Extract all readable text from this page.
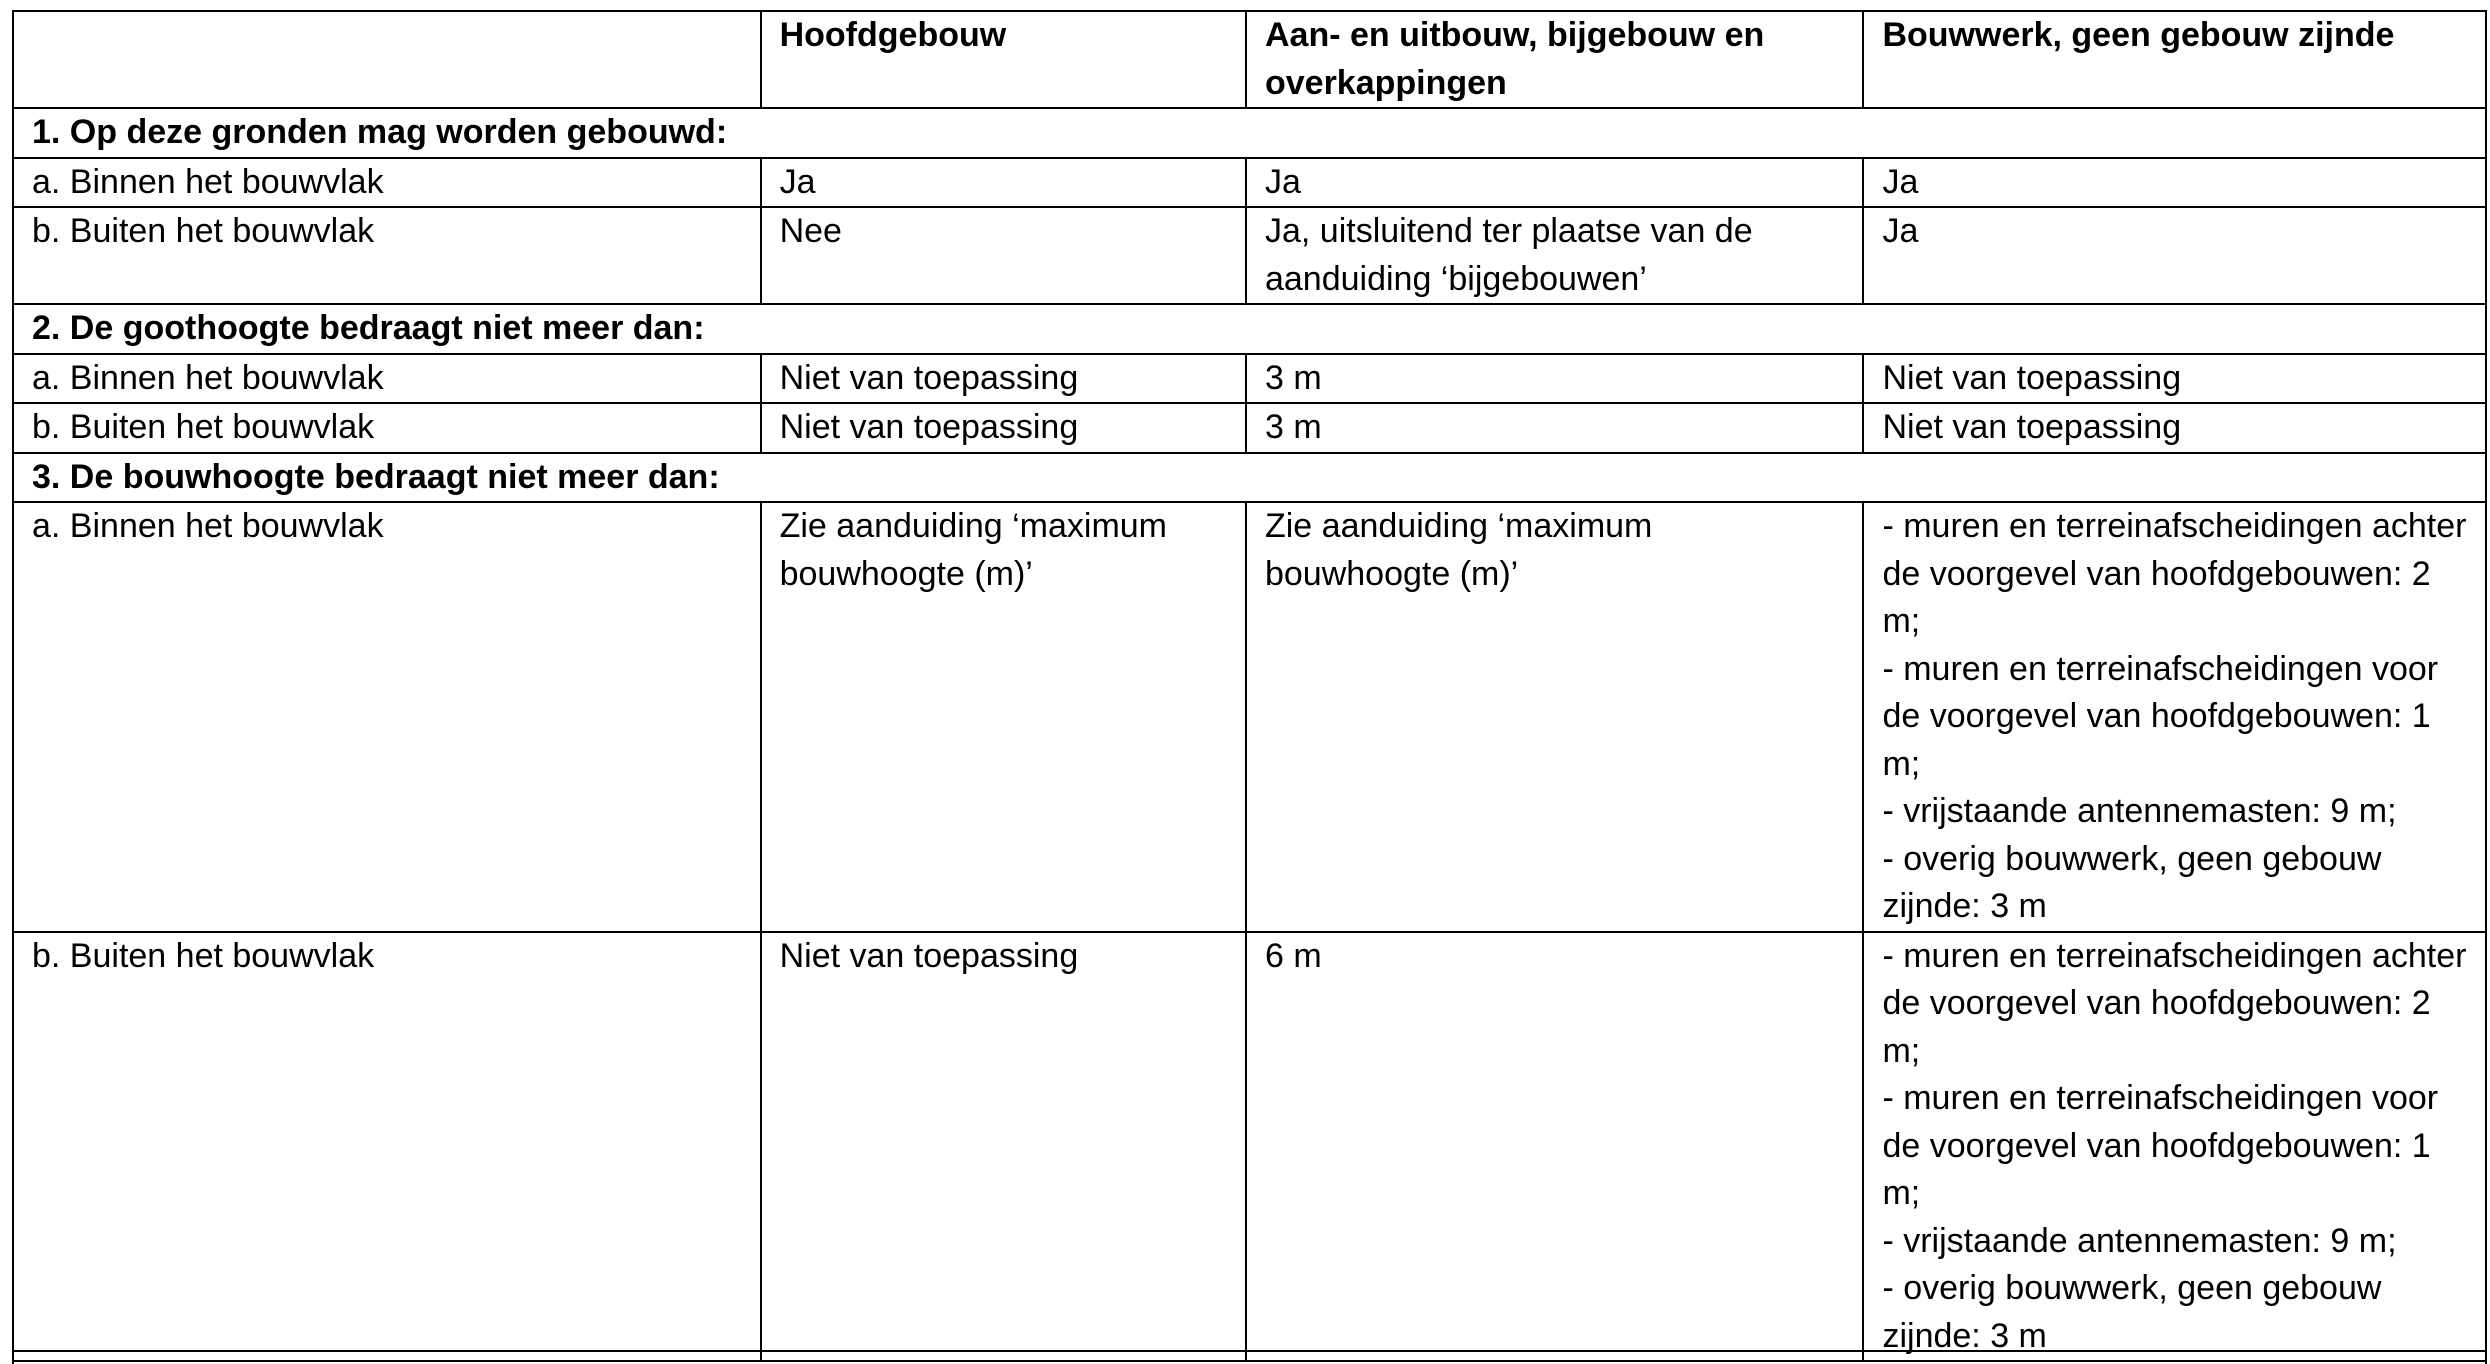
	Hoofdgebouw	Aan- en uitbouw, bijgebouw en overkappingen	Bouwwerk, geen gebouw zijnde

1. Op deze gronden mag worden gebouwd:			

a. Binnen het bouwvlak	Ja	Ja	Ja

b. Buiten het bouwvlak	Nee	Ja, uitsluitend ter plaatse van de aanduiding ‘bijgebouwen’	Ja

2. De goothoogte bedraagt niet meer dan:			

a. Binnen het bouwvlak	Niet van toepassing	3 m	Niet van toepassing

b. Buiten het bouwvlak	Niet van toepassing	3 m	Niet van toepassing

3. De bouwhoogte bedraagt niet meer dan:			

a. Binnen het bouwvlak	Zie aanduiding ‘maximum bouwhoogte (m)’	Zie aanduiding ‘maximum bouwhoogte (m)’	- muren en terreinafscheidingen achter de voorgevel van hoofdgebouwen: 2 m;
- muren en terreinafscheidingen voor de voorgevel van hoofdgebouwen: 1 m;
- vrijstaande antennemasten: 9 m;
- overig bouwwerk, geen gebouw zijnde: 3 m

b. Buiten het bouwvlak	Niet van toepassing	6 m	- muren en terreinafscheidingen achter de voorgevel van hoofdgebouwen: 2 m;
- muren en terreinafscheidingen voor de voorgevel van hoofdgebouwen: 1 m;
- vrijstaande antennemasten: 9 m;
- overig bouwwerk, geen gebouw zijnde: 3 m
